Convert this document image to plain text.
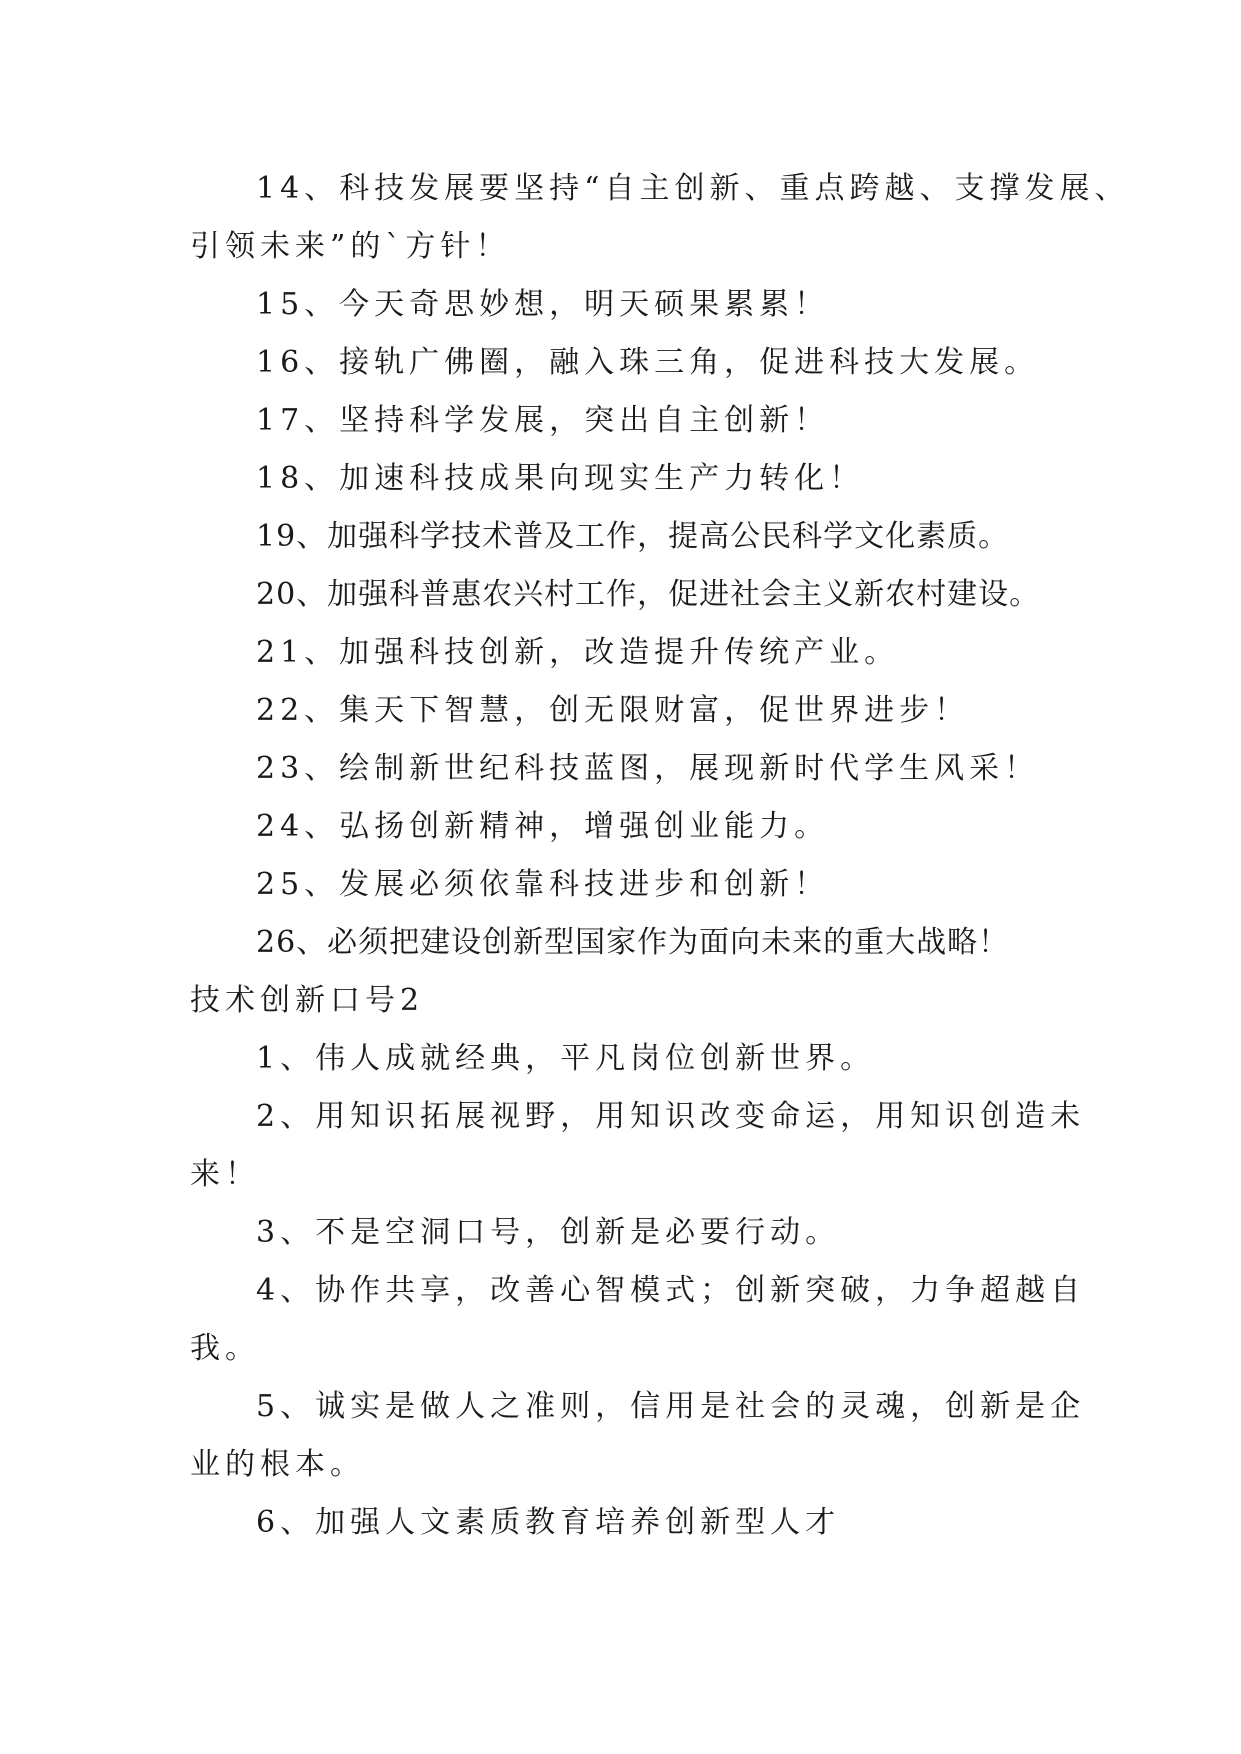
14、科技发展要坚持“自主创新、重点跨越、支撑发展、
引领未来”的`方针！
15、今天奇思妙想，明天硕果累累！
16、接轨广佛圈，融入珠三角，促进科技大发展。
17、坚持科学发展，突出自主创新！
18、加速科技成果向现实生产力转化！
19、加强科学技术普及工作，提高公民科学文化素质。
20、加强科普惠农兴村工作，促进社会主义新农村建设。
21、加强科技创新，改造提升传统产业。
22、集天下智慧，创无限财富，促世界进步！
23、绘制新世纪科技蓝图，展现新时代学生风采！
24、弘扬创新精神，增强创业能力。
25、发展必须依靠科技进步和创新！
26、必须把建设创新型国家作为面向未来的重大战略！
技术创新口号2
1、伟人成就经典，平凡岗位创新世界。
2、用知识拓展视野，用知识改变命运，用知识创造未
来！
3、不是空洞口号，创新是必要行动。
4、协作共享，改善心智模式；创新突破，力争超越自
我。
5、诚实是做人之准则，信用是社会的灵魂，创新是企
业的根本。
6、加强人文素质教育培养创新型人才
